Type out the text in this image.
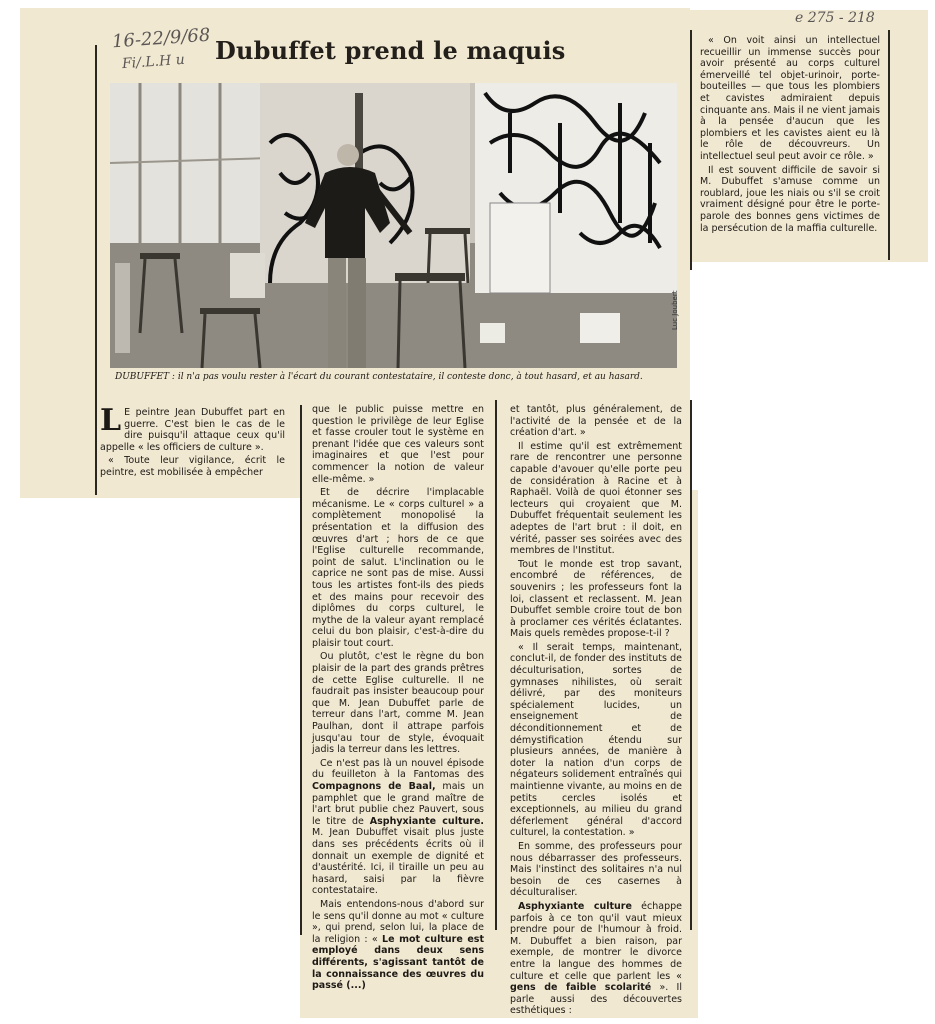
16-22/9/68
Fi/.L.H u
e 275 - 218
Dubuffet prend le maquis
Luc Joubert
DUBUFFET : il n'a pas voulu rester à l'écart du courant contestataire, il conteste donc, à tout hasard, et au hasard.

L E peintre Jean Dubuffet part en guerre. C'est bien le cas de le dire puisqu'il attaque ceux qu'il appelle « les officiers de culture ».

« Toute leur vigilance, écrit le peintre, est mobilisée à empêcher

que le public puisse mettre en question le privilège de leur Eglise et fasse crouler tout le système en prenant l'idée que ces valeurs sont imaginaires et que l'est pour commencer la notion de valeur elle-même. »

Et de décrire l'implacable mécanisme. Le « corps culturel » a complètement monopolisé la présentation et la diffusion des œuvres d'art ; hors de ce que l'Eglise culturelle recommande, point de salut. L'inclination ou le caprice ne sont pas de mise. Aussi tous les artistes font-ils des pieds et des mains pour recevoir des diplômes du corps culturel, le mythe de la valeur ayant remplacé celui du bon plaisir, c'est-à-dire du plaisir tout court.

Ou plutôt, c'est le règne du bon plaisir de la part des grands prêtres de cette Eglise culturelle. Il ne faudrait pas insister beaucoup pour que M. Jean Dubuffet parle de terreur dans l'art, comme M. Jean Paulhan, dont il attrape parfois jusqu'au tour de style, évoquait jadis la terreur dans les lettres.

Ce n'est pas là un nouvel épisode du feuilleton à la Fantomas des Compagnons de Baal, mais un pamphlet que le grand maître de l'art brut publie chez Pauvert, sous le titre de Asphyxiante culture. M. Jean Dubuffet visait plus juste dans ses précédents écrits où il donnait un exemple de dignité et d'austérité. Ici, il tiraille un peu au hasard, saisi par la fièvre contestataire.

Mais entendons-nous d'abord sur le sens qu'il donne au mot « culture », qui prend, selon lui, la place de la religion : « Le mot culture est employé dans deux sens différents, s'agissant tantôt de la connaissance des œuvres du passé (...)

et tantôt, plus généralement, de l'activité de la pensée et de la création d'art. »

Il estime qu'il est extrêmement rare de rencontrer une personne capable d'avouer qu'elle porte peu de considération à Racine et à Raphaël. Voilà de quoi étonner ses lecteurs qui croyaient que M. Dubuffet fréquentait seulement les adeptes de l'art brut : il doit, en vérité, passer ses soirées avec des membres de l'Institut.

Tout le monde est trop savant, encombré de références, de souvenirs ; les professeurs font la loi, classent et reclassent. M. Jean Dubuffet semble croire tout de bon à proclamer ces vérités éclatantes. Mais quels remèdes propose-t-il ?

« Il serait temps, maintenant, conclut-il, de fonder des instituts de déculturisation, sortes de gymnases nihilistes, où serait délivré, par des moniteurs spécialement lucides, un enseignement de déconditionnement et de démystification étendu sur plusieurs années, de manière à doter la nation d'un corps de négateurs solidement entraînés qui maintienne vivante, au moins en de petits cercles isolés et exceptionnels, au milieu du grand déferlement général d'accord culturel, la contestation. »

En somme, des professeurs pour nous débarrasser des professeurs. Mais l'instinct des solitaires n'a nul besoin de ces casernes à déculturaliser.

Asphyxiante culture échappe parfois à ce ton qu'il vaut mieux prendre pour de l'humour à froid. M. Dubuffet a bien raison, par exemple, de montrer le divorce entre la langue des hommes de culture et celle que parlent les « gens de faible scolarité ». Il parle aussi des découvertes esthétiques :

« On voit ainsi un intellectuel recueillir un immense succès pour avoir présenté au corps culturel émerveillé tel objet-urinoir, porte-bouteilles — que tous les plombiers et cavistes admiraient depuis cinquante ans. Mais il ne vient jamais à la pensée d'aucun que les plombiers et les cavistes aient eu là le rôle de découvreurs. Un intellectuel seul peut avoir ce rôle. »

Il est souvent difficile de savoir si M. Dubuffet s'amuse comme un roublard, joue les niais ou s'il se croit vraiment désigné pour être le porte-parole des bonnes gens victimes de la persécution de la maffia culturelle.
